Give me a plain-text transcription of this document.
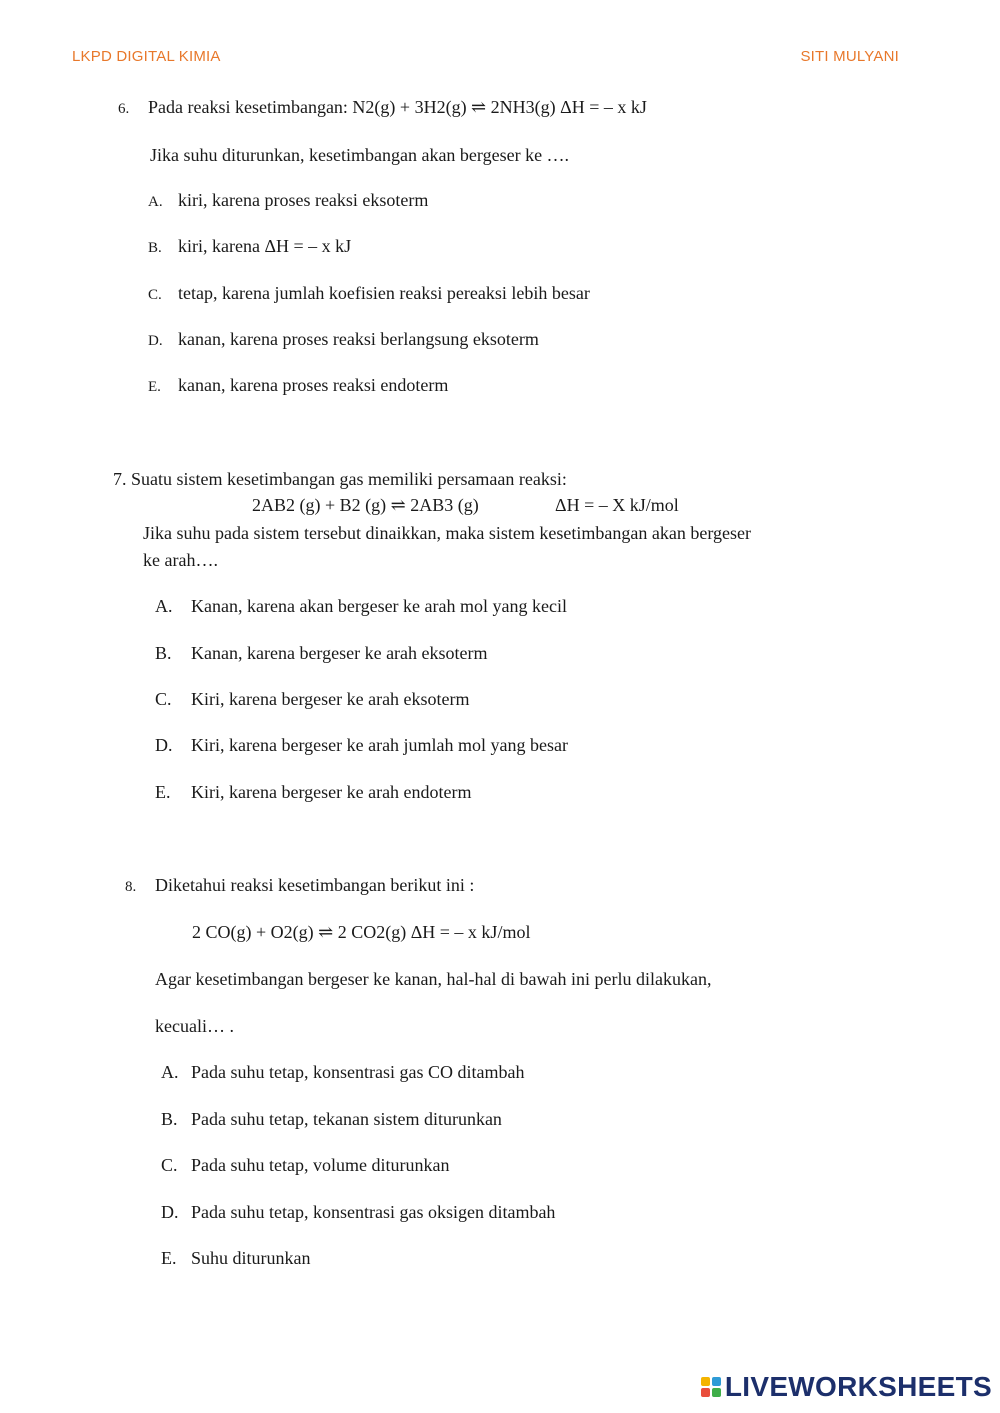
LKPD DIGITAL KIMIA	SITI MULYANI
6. Pada reaksi kesetimbangan: N2(g) + 3H2(g) ⇌ 2NH3(g) ΔH = – x kJ
Jika suhu diturunkan, kesetimbangan akan bergeser ke ….
A. kiri, karena proses reaksi eksoterm
B. kiri, karena ΔH = – x kJ
C. tetap, karena jumlah koefisien reaksi pereaksi lebih besar
D. kanan, karena proses reaksi berlangsung eksoterm
E. kanan, karena proses reaksi endoterm
7. Suatu sistem kesetimbangan gas memiliki persamaan reaksi:
2AB2 (g) + B2 (g) ⇌ 2AB3 (g)	ΔH = – X kJ/mol
Jika suhu pada sistem tersebut dinaikkan, maka sistem kesetimbangan akan bergeser
ke arah….
A. Kanan, karena akan bergeser ke arah mol yang kecil
B. Kanan, karena bergeser ke arah eksoterm
C. Kiri, karena bergeser ke arah eksoterm
D. Kiri, karena bergeser ke arah jumlah mol yang besar
E. Kiri, karena bergeser ke arah endoterm
8. Diketahui reaksi kesetimbangan berikut ini :
2 CO(g) + O2(g) ⇌ 2 CO2(g) ΔH = – x kJ/mol
Agar kesetimbangan bergeser ke kanan, hal-hal di bawah ini perlu dilakukan,
kecuali… .
A. Pada suhu tetap, konsentrasi gas CO ditambah
B. Pada suhu tetap, tekanan sistem diturunkan
C. Pada suhu tetap, volume diturunkan
D. Pada suhu tetap, konsentrasi gas oksigen ditambah
E. Suhu diturunkan
LIVEWORKSHEETS
